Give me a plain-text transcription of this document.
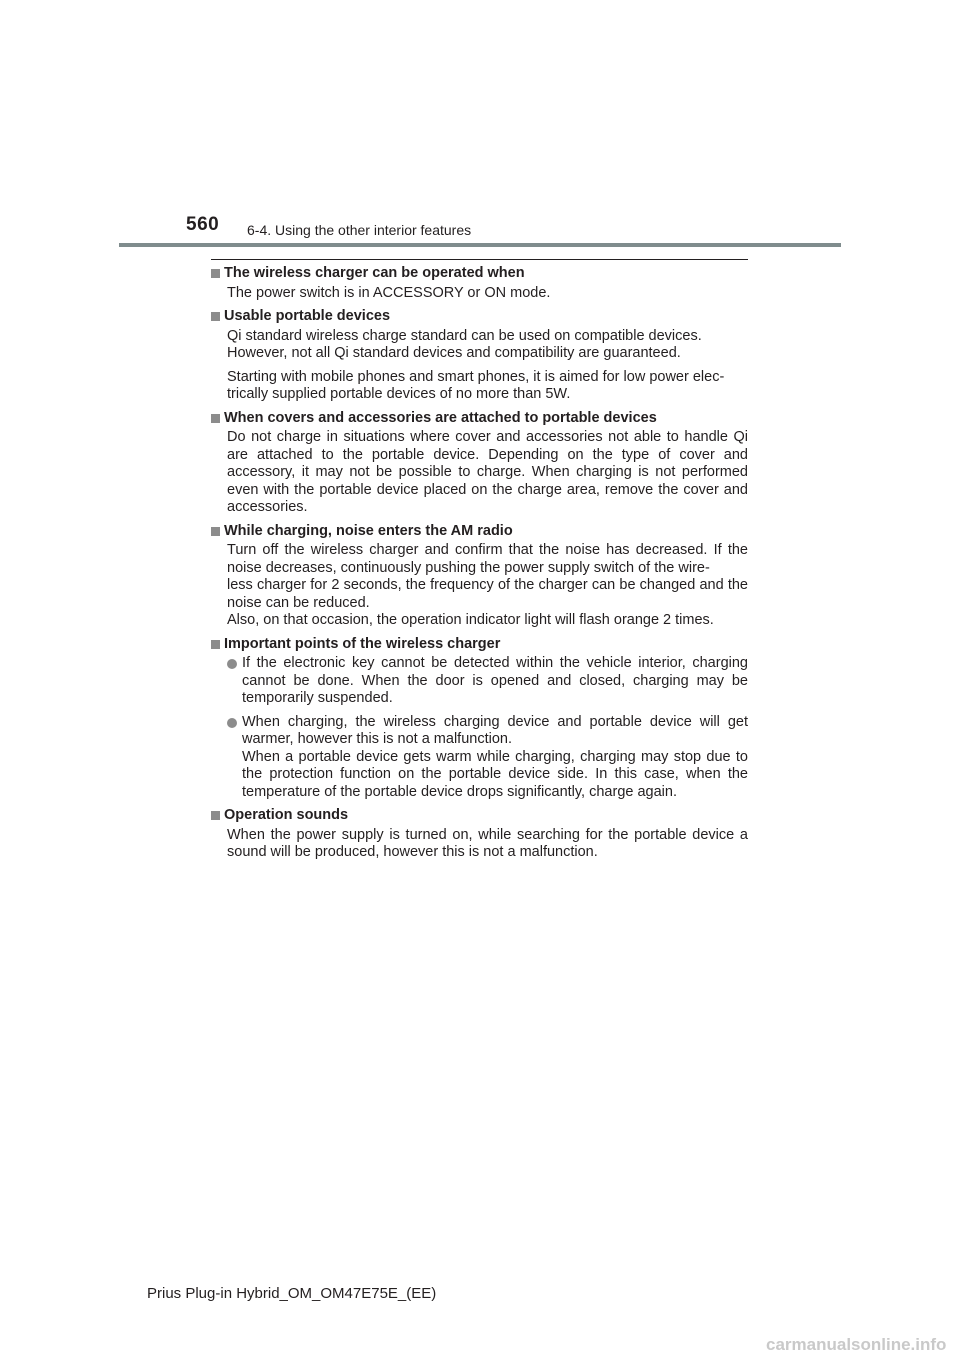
560 6-4. Using the other interior features
The wireless charger can be operated when

The power switch is in ACCESSORY or ON mode.

Usable portable devices

Qi standard wireless charge standard can be used on compatible devices.
However, not all Qi standard devices and compatibility are guaranteed.

Starting with mobile phones and smart phones, it is aimed for low power elec-
trically supplied portable devices of no more than 5W.

When covers and accessories are attached to portable devices

Do not charge in situations where cover and accessories not able to handle Qi are attached to the portable device. Depending on the type of cover and accessory, it may not be possible to charge. When charging is not performed even with the portable device placed on the charge area, remove the cover and accessories.

While charging, noise enters the AM radio

Turn off the wireless charger and confirm that the noise has decreased. If the noise decreases, continuously pushing the power supply switch of the wire-
less charger for 2 seconds, the frequency of the charger can be changed and the noise can be reduced.
Also, on that occasion, the operation indicator light will flash orange 2 times.

Important points of the wireless charger
If the electronic key cannot be detected within the vehicle interior, charging cannot be done. When the door is opened and closed, charging may be temporarily suspended.
When charging, the wireless charging device and portable device will get warmer, however this is not a malfunction.
When a portable device gets warm while charging, charging may stop due to the protection function on the portable device side. In this case, when the temperature of the portable device drops significantly, charge again.
Operation sounds

When the power supply is turned on, while searching for the portable device a sound will be produced, however this is not a malfunction.

Prius Plug-in Hybrid_OM_OM47E75E_(EE)
carmanualsonline.info
